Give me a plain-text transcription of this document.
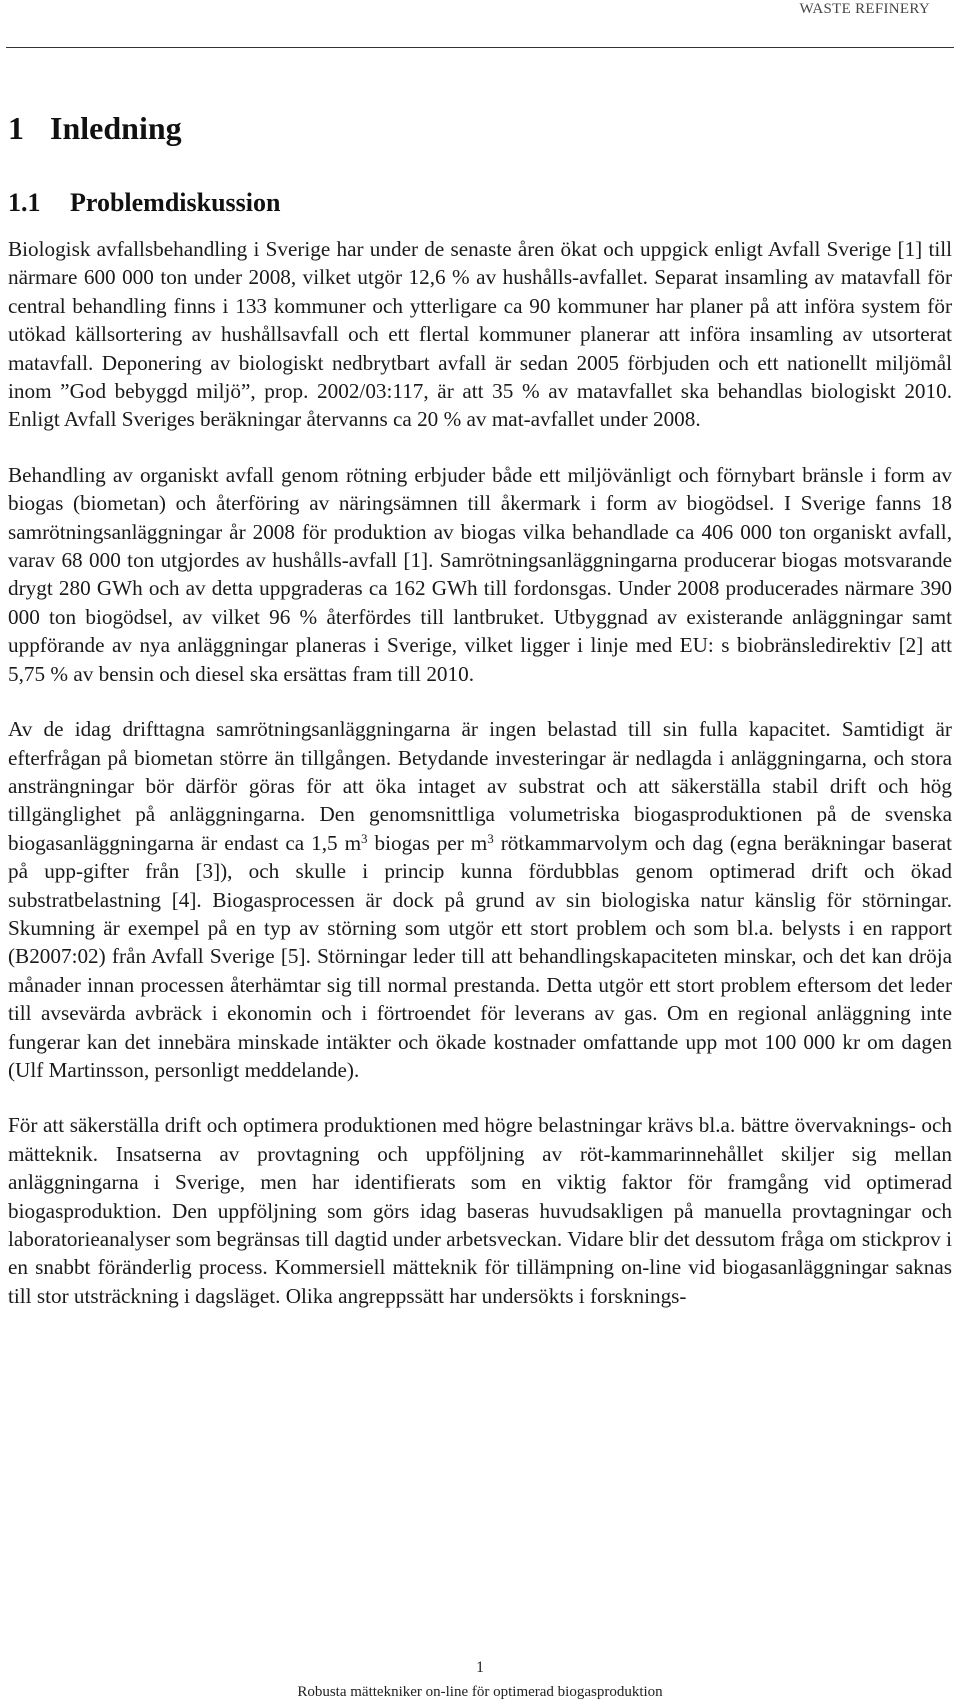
WASTE REFINERY
1 Inledning
1.1 Problemdiskussion

Biologisk avfallsbehandling i Sverige har under de senaste åren ökat och uppgick enligt Avfall Sverige [1] till närmare 600 000 ton under 2008, vilket utgör 12,6 % av hushålls-avfallet. Separat insamling av matavfall för central behandling finns i 133 kommuner och ytterligare ca 90 kommuner har planer på att införa system för utökad källsortering av hushållsavfall och ett flertal kommuner planerar att införa insamling av utsorterat matavfall. Deponering av biologiskt nedbrytbart avfall är sedan 2005 förbjuden och ett nationellt miljömål inom ”God bebyggd miljö”, prop. 2002/03:117, är att 35 % av matavfallet ska behandlas biologiskt 2010. Enligt Avfall Sveriges beräkningar återvanns ca 20 % av mat-avfallet under 2008.

Behandling av organiskt avfall genom rötning erbjuder både ett miljövänligt och förnybart bränsle i form av biogas (biometan) och återföring av näringsämnen till åkermark i form av biogödsel. I Sverige fanns 18 samrötningsanläggningar år 2008 för produktion av biogas vilka behandlade ca 406 000 ton organiskt avfall, varav 68 000 ton utgjordes av hushålls-avfall [1]. Samrötningsanläggningarna producerar biogas motsvarande drygt 280 GWh och av detta uppgraderas ca 162 GWh till fordonsgas. Under 2008 producerades närmare 390 000 ton biogödsel, av vilket 96 % återfördes till lantbruket. Utbyggnad av existerande anläggningar samt uppförande av nya anläggningar planeras i Sverige, vilket ligger i linje med EU: s biobränsledirektiv [2] att 5,75 % av bensin och diesel ska ersättas fram till 2010.

Av de idag drifttagna samrötningsanläggningarna är ingen belastad till sin fulla kapacitet. Samtidigt är efterfrågan på biometan större än tillgången. Betydande investeringar är nedlagda i anläggningarna, och stora ansträngningar bör därför göras för att öka intaget av substrat och att säkerställa stabil drift och hög tillgänglighet på anläggningarna. Den genomsnittliga volumetriska biogasproduktionen på de svenska biogasanläggningarna är endast ca 1,5 $m^3$ biogas per $m^3$ rötkammarvolym och dag (egna beräkningar baserat på upp-gifter från [3]), och skulle i princip kunna fördubblas genom optimerad drift och ökad substratbelastning [4]. Biogasprocessen är dock på grund av sin biologiska natur känslig för störningar. Skumning är exempel på en typ av störning som utgör ett stort problem och som bl.a. belysts i en rapport (B2007:02) från Avfall Sverige [5]. Störningar leder till att behandlingskapaciteten minskar, och det kan dröja månader innan processen återhämtar sig till normal prestanda. Detta utgör ett stort problem eftersom det leder till avsevärda avbräck i ekonomin och i förtroendet för leverans av gas. Om en regional anläggning inte fungerar kan det innebära minskade intäkter och ökade kostnader omfattande upp mot 100 000 kr om dagen (Ulf Martinsson, personligt meddelande).

För att säkerställa drift och optimera produktionen med högre belastningar krävs bl.a. bättre övervaknings- och mätteknik. Insatserna av provtagning och uppföljning av röt-kammarinnehållet skiljer sig mellan anläggningarna i Sverige, men har identifierats som en viktig faktor för framgång vid optimerad biogasproduktion. Den uppföljning som görs idag baseras huvudsakligen på manuella provtagningar och laboratorieanalyser som begränsas till dagtid under arbetsveckan. Vidare blir det dessutom fråga om stickprov i en snabbt föränderlig process. Kommersiell mätteknik för tillämpning on-line vid biogasanläggningar saknas till stor utsträckning i dagsläget. Olika angreppssätt har undersökts i forsknings-

1
Robusta mättekniker on-line för optimerad biogasproduktion
